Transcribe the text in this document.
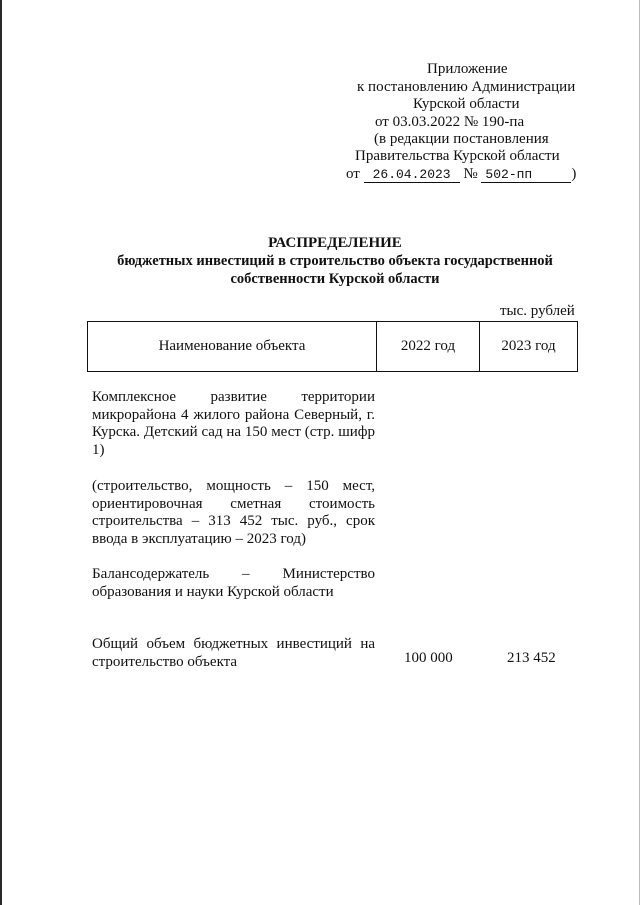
Приложение
к постановлению Администрации
Курской области
от 03.03.2022 № 190-па
(в редакции постановления
Правительства Курской области
от 26.04.2023 № 502-пп	)
РАСПРЕДЕЛЕНИЕ
бюджетных инвестиций в строительство объекта государственной
собственности Курской области
тыс. рублей
Наименование объекта	2022 год	2023 год
Комплексное развитие территории микрорайона 4 жилого района Северный, г. Курска. Детский сад на 150 мест (стр. шифр 1)
(строительство, мощность – 150 мест, ориентировочная сметная стоимость строительства – 313 452 тыс. руб., срок ввода в эксплуатацию – 2023 год)
Балансодержатель – Министерство образования и науки Курской области
Общий объем бюджетных инвестиций на строительство объекта	100 000	213 452
